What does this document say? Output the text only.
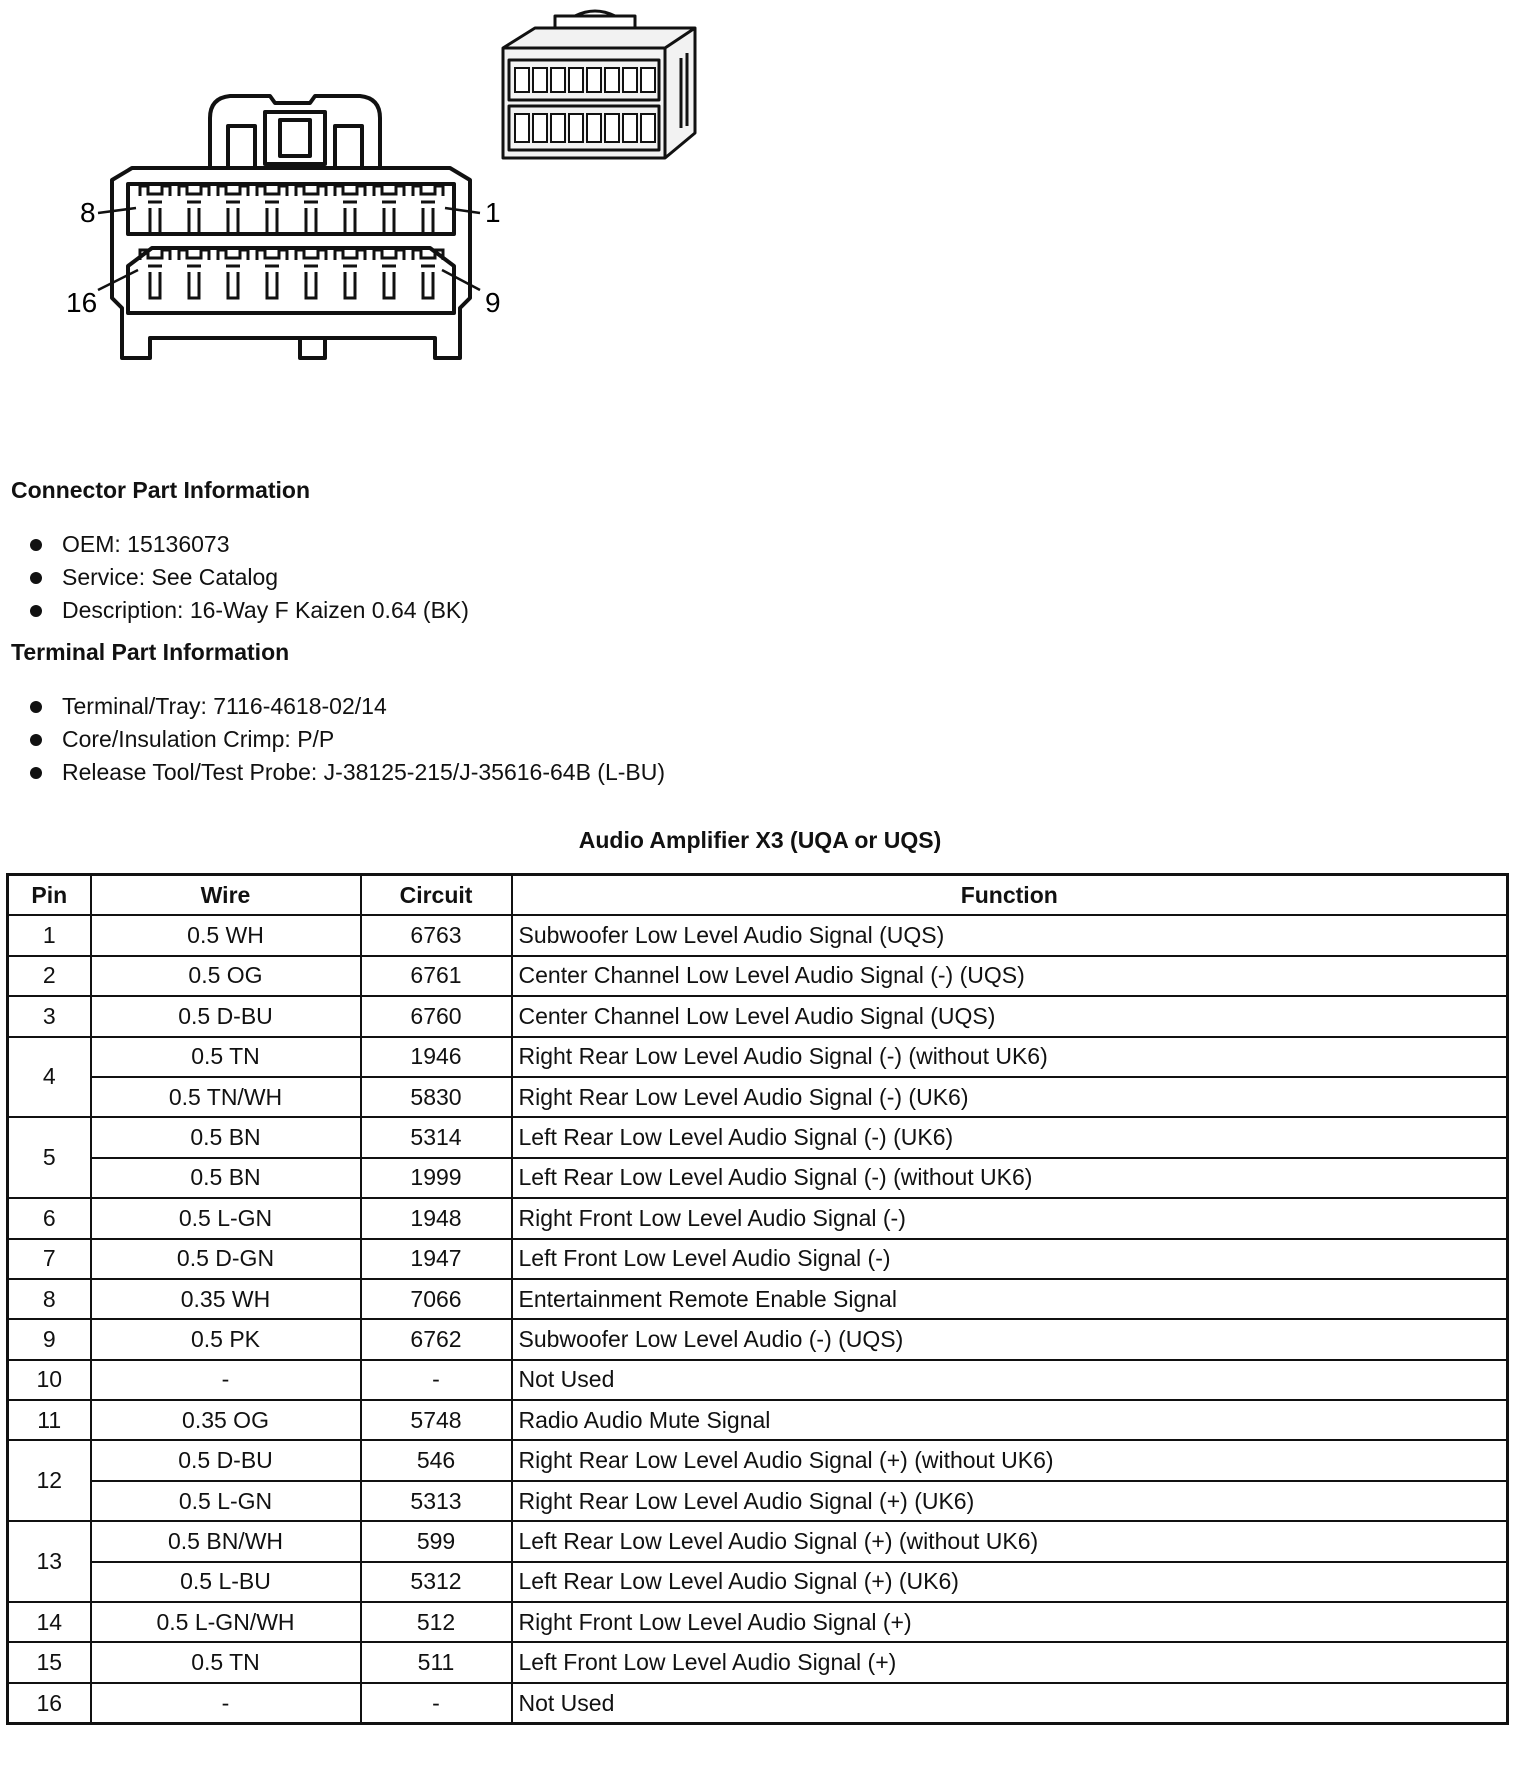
8	1
16	9
Connector Part Information
OEM: 15136073
Service: See Catalog
Description: 16-Way F Kaizen 0.64 (BK)
Terminal Part Information
Terminal/Tray: 7116-4618-02/14
Core/Insulation Crimp: P/P
Release Tool/Test Probe: J-38125-215/J-35616-64B (L-BU)
Audio Amplifier X3 (UQA or UQS)
Pin	Wire	Circuit	Function
1	0.5 WH	6763	Subwoofer Low Level Audio Signal (UQS)
2	0.5 OG	6761	Center Channel Low Level Audio Signal (-) (UQS)
3	0.5 D-BU	6760	Center Channel Low Level Audio Signal (UQS)
4	0.5 TN	1946	Right Rear Low Level Audio Signal (-) (without UK6)
	0.5 TN/WH	5830	Right Rear Low Level Audio Signal (-) (UK6)
5	0.5 BN	5314	Left Rear Low Level Audio Signal (-) (UK6)
	0.5 BN	1999	Left Rear Low Level Audio Signal (-) (without UK6)
6	0.5 L-GN	1948	Right Front Low Level Audio Signal (-)
7	0.5 D-GN	1947	Left Front Low Level Audio Signal (-)
8	0.35 WH	7066	Entertainment Remote Enable Signal
9	0.5 PK	6762	Subwoofer Low Level Audio (-) (UQS)
10	-	-	Not Used
11	0.35 OG	5748	Radio Audio Mute Signal
12	0.5 D-BU	546	Right Rear Low Level Audio Signal (+) (without UK6)
	0.5 L-GN	5313	Right Rear Low Level Audio Signal (+) (UK6)
13	0.5 BN/WH	599	Left Rear Low Level Audio Signal (+) (without UK6)
	0.5 L-BU	5312	Left Rear Low Level Audio Signal (+) (UK6)
14	0.5 L-GN/WH	512	Right Front Low Level Audio Signal (+)
15	0.5 TN	511	Left Front Low Level Audio Signal (+)
16	-	-	Not Used
